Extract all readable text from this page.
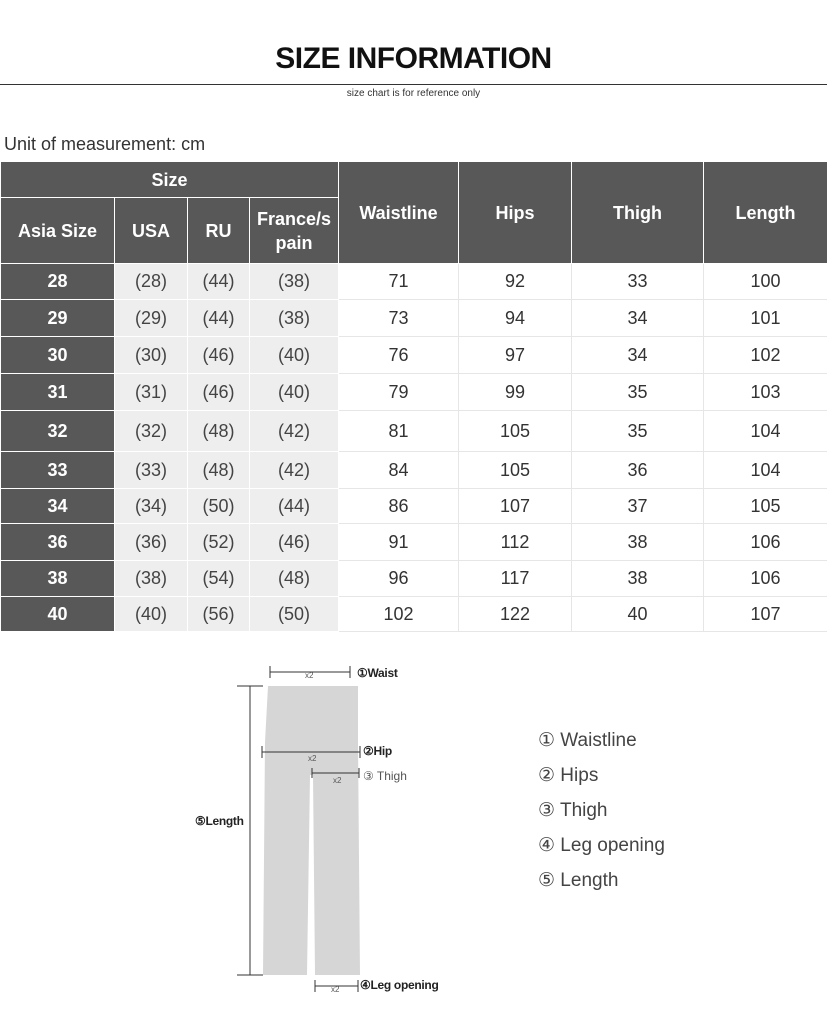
SIZE INFORMATION
size chart is for reference only
Unit of measurement: cm
Size				Waistline	Hips	Thigh	Length
Asia Size	USA	RU	France/s pain				
28	(28)	(44)	(38)	71	92	33	100
29	(29)	(44)	(38)	73	94	34	101
30	(30)	(46)	(40)	76	97	34	102
31	(31)	(46)	(40)	79	99	35	103
32	(32)	(48)	(42)	81	105	35	104
33	(33)	(48)	(42)	84	105	36	104
34	(34)	(50)	(44)	86	107	37	105
36	(36)	(52)	(46)	91	112	38	106
38	(38)	(54)	(48)	96	117	38	106
40	(40)	(56)	(50)	102	122	40	107
x2	①Waist
x2
②Hip
x2 ③ Thigh
⑤Length
x2 ④Leg opening
① Waistline
② Hips
③ Thigh
④ Leg opening
⑤ Length
